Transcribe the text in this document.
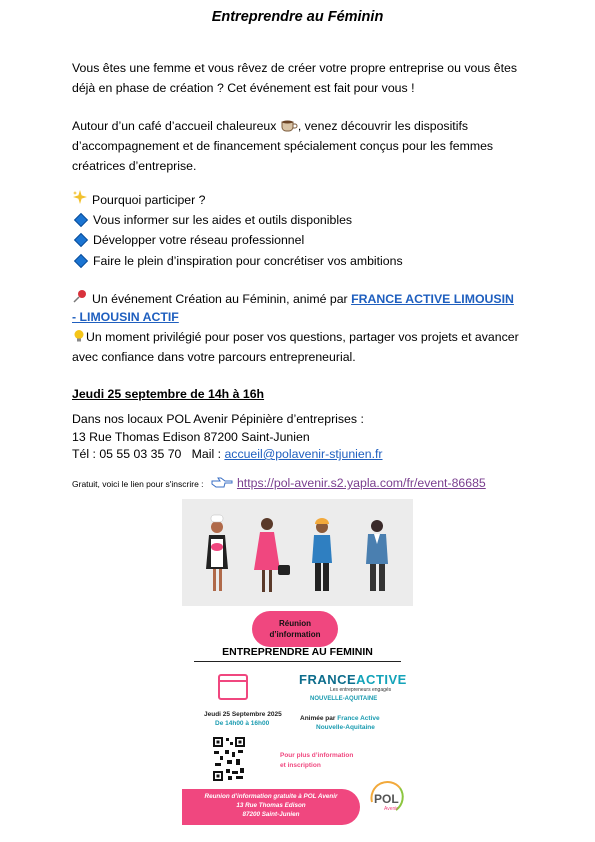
Entreprendre au Féminin

Vous êtes une femme et vous rêvez de créer votre propre entreprise ou vous êtes déjà en phase de création ? Cet événement est fait pour vous !

Autour d’un café d’accueil chaleureux , venez découvrir les dispositifs d’accompagnement et de financement spécialement conçus pour les femmes créatrices d’entreprise.

Pourquoi participer ?
Vous informer sur les aides et outils disponibles
Développer votre réseau professionnel
Faire le plein d’inspiration pour concrétiser vos ambitions
Un événement Création au Féminin, animé par FRANCE ACTIVE LIMOUSIN
- LIMOUSIN ACTIF

Un moment privilégié pour poser vos questions, partager vos projets et avancer avec confiance dans votre parcours entrepreneurial.

Jeudi 25 septembre de 14h à 16h
Dans nos locaux POL Avenir Pépinière d’entreprises :
13 Rue Thomas Edison 87200 Saint-Junien
Tél : 05 55 03 35 70 Mail : accueil@polavenir-stjunien.fr
Gratuit, voici le lien pour s'inscrire :	https://pol-avenir.s2.yapla.com/fr/event-86685
Réunion
d’information
ENTREPRENDRE AU FEMININ
FRANCEACTIVE
Les entrepreneurs engagés
NOUVELLE-AQUITAINE
Jeudi 25 Septembre 2025
De 14h00 à 16h00
Animée par France Active
Nouvelle-Aquitaine
Pour plus d’information
et inscription
Reunion d’information gratuite à POL Avenir
13 Rue Thomas Edison
87200 Saint-Junien
POL
Avenir
